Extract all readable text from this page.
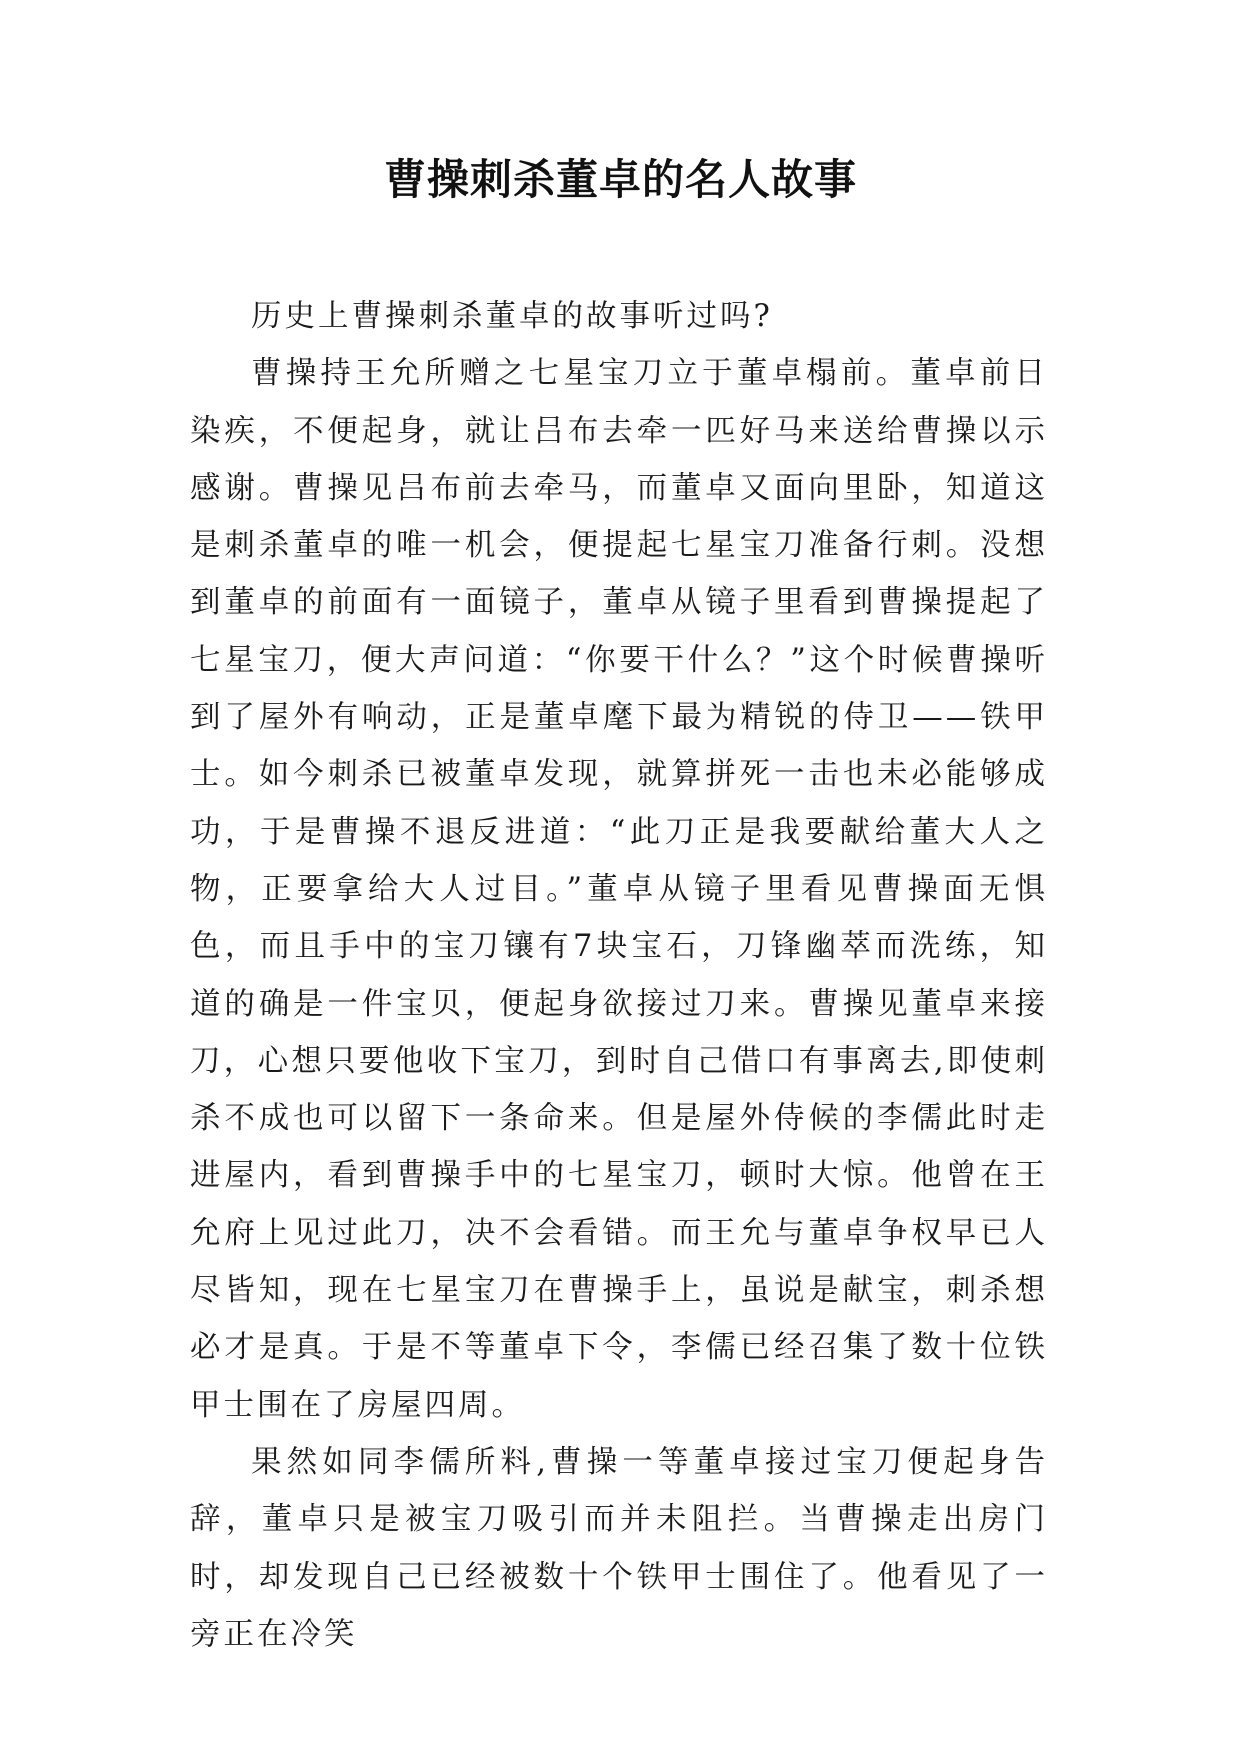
曹操刺杀董卓的名人故事

历史上曹操刺杀董卓的故事听过吗?

曹操持王允所赠之七星宝刀立于董卓榻前。董卓前日染疾，不便起身，就让吕布去牵一匹好马来送给曹操以示感谢。曹操见吕布前去牵马，而董卓又面向里卧，知道这是刺杀董卓的唯一机会，便提起七星宝刀准备行刺。没想到董卓的前面有一面镜子，董卓从镜子里看到曹操提起了七星宝刀，便大声问道：“你要干什么？”这个时候曹操听到了屋外有响动，正是董卓麾下最为精锐的侍卫——铁甲士。如今刺杀已被董卓发现，就算拼死一击也未必能够成功，于是曹操不退反进道：“此刀正是我要献给董大人之物，正要拿给大人过目。”董卓从镜子里看见曹操面无惧色，而且手中的宝刀镶有7块宝石，刀锋幽萃而洗练，知道的确是一件宝贝，便起身欲接过刀来。曹操见董卓来接刀，心想只要他收下宝刀，到时自己借口有事离去,即使刺杀不成也可以留下一条命来。但是屋外侍候的李儒此时走进屋内，看到曹操手中的七星宝刀，顿时大惊。他曾在王允府上见过此刀，决不会看错。而王允与董卓争权早已人尽皆知，现在七星宝刀在曹操手上，虽说是献宝，刺杀想必才是真。于是不等董卓下令，李儒已经召集了数十位铁甲士围在了房屋四周。

果然如同李儒所料,曹操一等董卓接过宝刀便起身告辞，董卓只是被宝刀吸引而并未阻拦。当曹操走出房门时，却发现自己已经被数十个铁甲士围住了。他看见了一旁正在冷笑
